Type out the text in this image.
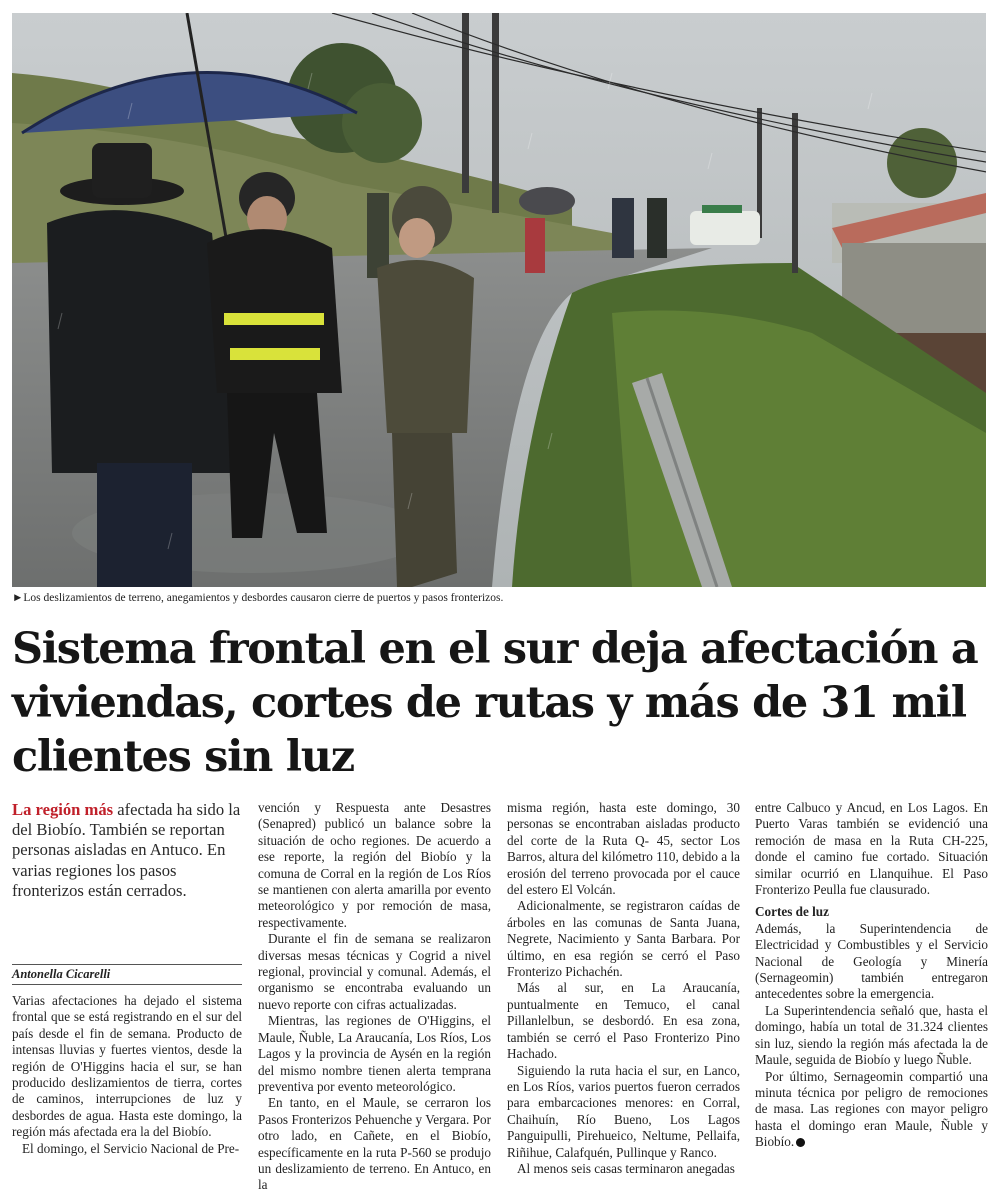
►Los deslizamientos de terreno, anegamientos y desbordes causaron cierre de puertos y pasos fronterizos.
Sistema frontal en el sur deja afectación a viviendas, cortes de rutas y más de 31 mil clientes sin luz

La región más afectada ha sido la del Biobío. También se reportan personas aisladas en Antuco. En varias regiones los pasos fronterizos están cerrados.

Antonella Cicarelli

Varias afectaciones ha dejado el sistema frontal que se está registrando en el sur del país desde el fin de semana. Producto de intensas lluvias y fuertes vientos, desde la región de O'Higgins hacia el sur, se han producido deslizamientos de tierra, cortes de caminos, interrupciones de luz y desbordes de agua. Hasta este domingo, la región más afectada era la del Biobío.

El domingo, el Servicio Nacional de Pre-

vención y Respuesta ante Desastres (Senapred) publicó un balance sobre la situación de ocho regiones. De acuerdo a ese reporte, la región del Biobío y la comuna de Corral en la región de Los Ríos se mantienen con alerta amarilla por evento meteorológico y por remoción de masa, respectivamente.

Durante el fin de semana se realizaron diversas mesas técnicas y Cogrid a nivel regional, provincial y comunal. Además, el organismo se encontraba evaluando un nuevo reporte con cifras actualizadas.

Mientras, las regiones de O'Higgins, el Maule, Ñuble, La Araucanía, Los Ríos, Los Lagos y la provincia de Aysén en la región del mismo nombre tienen alerta temprana preventiva por evento meteorológico.

En tanto, en el Maule, se cerraron los Pasos Fronterizos Pehuenche y Vergara. Por otro lado, en Cañete, en el Biobío, específicamente en la ruta P-560 se produjo un deslizamiento de terreno. En Antuco, en la

misma región, hasta este domingo, 30 personas se encontraban aisladas producto del corte de la Ruta Q- 45, sector Los Barros, altura del kilómetro 110, debido a la erosión del terreno provocada por el cauce del estero El Volcán.

Adicionalmente, se registraron caídas de árboles en las comunas de Santa Juana, Negrete, Nacimiento y Santa Barbara. Por último, en esa región se cerró el Paso Fronterizo Pichachén.

Más al sur, en La Araucanía, puntualmente en Temuco, el canal Pillanlelbun, se desbordó. En esa zona, también se cerró el Paso Fronterizo Pino Hachado.

Siguiendo la ruta hacia el sur, en Lanco, en Los Ríos, varios puertos fueron cerrados para embarcaciones menores: en Corral, Chaihuín, Río Bueno, Los Lagos Panguipulli, Pirehueico, Neltume, Pellaifa, Riñihue, Calafquén, Pullinque y Ranco.

Al menos seis casas terminaron anegadas

entre Calbuco y Ancud, en Los Lagos. En Puerto Varas también se evidenció una remoción de masa en la Ruta CH-225, donde el camino fue cortado. Situación similar ocurrió en Llanquihue. El Paso Fronterizo Peulla fue clausurado.

Cortes de luz

Además, la Superintendencia de Electricidad y Combustibles y el Servicio Nacional de Geología y Minería (Sernageomin) también entregaron antecedentes sobre la emergencia.

La Superintendencia señaló que, hasta el domingo, había un total de 31.324 clientes sin luz, siendo la región más afectada la de Maule, seguida de Biobío y luego Ñuble.

Por último, Sernageomin compartió una minuta técnica por peligro de remociones de masa. Las regiones con mayor peligro hasta el domingo eran Maule, Ñuble y Biobío.
